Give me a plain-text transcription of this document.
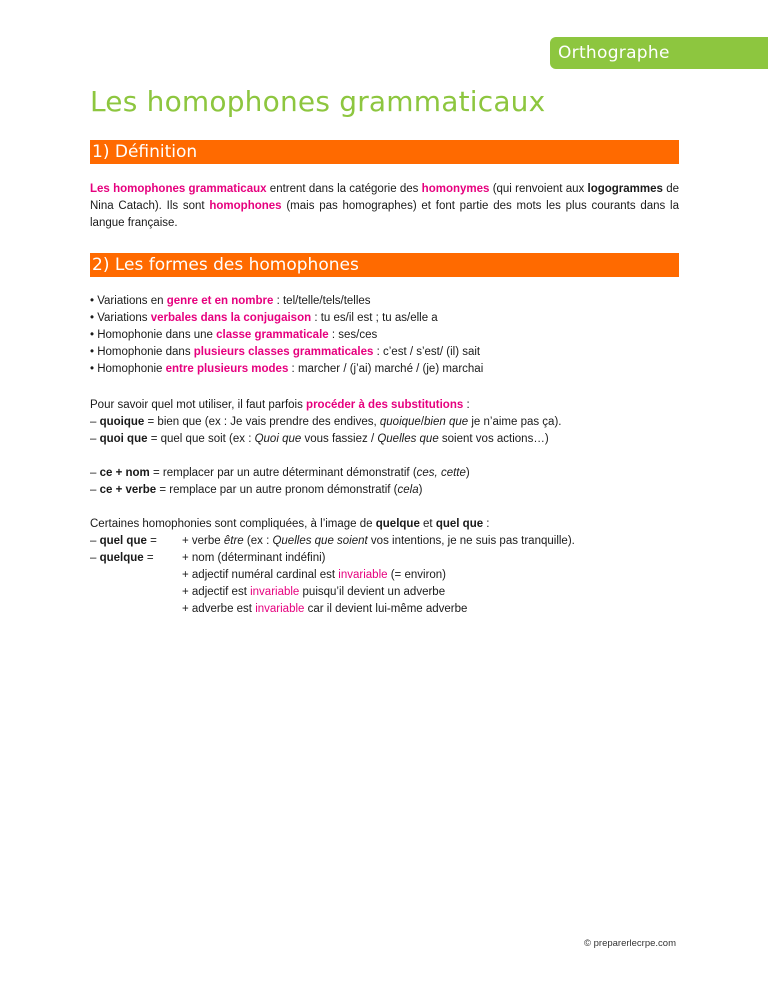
Orthographe
Les homophones grammaticaux
1) Définition
Les homophones grammaticaux entrent dans la catégorie des homonymes (qui renvoient aux logogrammes de Nina Catach). Ils sont homophones (mais pas homographes) et font partie des mots les plus courants dans la langue française.
2) Les formes des homophones
• Variations en genre et en nombre : tel/telle/tels/telles
• Variations verbales dans la conjugaison : tu es/il est ; tu as/elle a
• Homophonie dans une classe grammaticale : ses/ces
• Homophonie dans plusieurs classes grammaticales : c’est / s’est/ (il) sait
• Homophonie entre plusieurs modes : marcher / (j’ai) marché / (je) marchai
Pour savoir quel mot utiliser, il faut parfois procéder à des substitutions :
– quoique = bien que (ex : Je vais prendre des endives, quoique/bien que je n’aime pas ça).
– quoi que = quel que soit (ex : Quoi que vous fassiez / Quelles que soient vos actions…)
– ce + nom = remplacer par un autre déterminant démonstratif (ces, cette)
– ce + verbe = remplace par un autre pronom démonstratif (cela)
Certaines homophonies sont compliquées, à l’image de quelque et quel que :
– quel que =	+ verbe être (ex : Quelles que soient vos intentions, je ne suis pas tranquille).
– quelque =	+ nom (déterminant indéfini)
+ adjectif numéral cardinal est invariable (= environ)
+ adjectif est invariable puisqu’il devient un adverbe
+ adverbe est invariable car il devient lui-même adverbe
© preparerlecrpe.com
